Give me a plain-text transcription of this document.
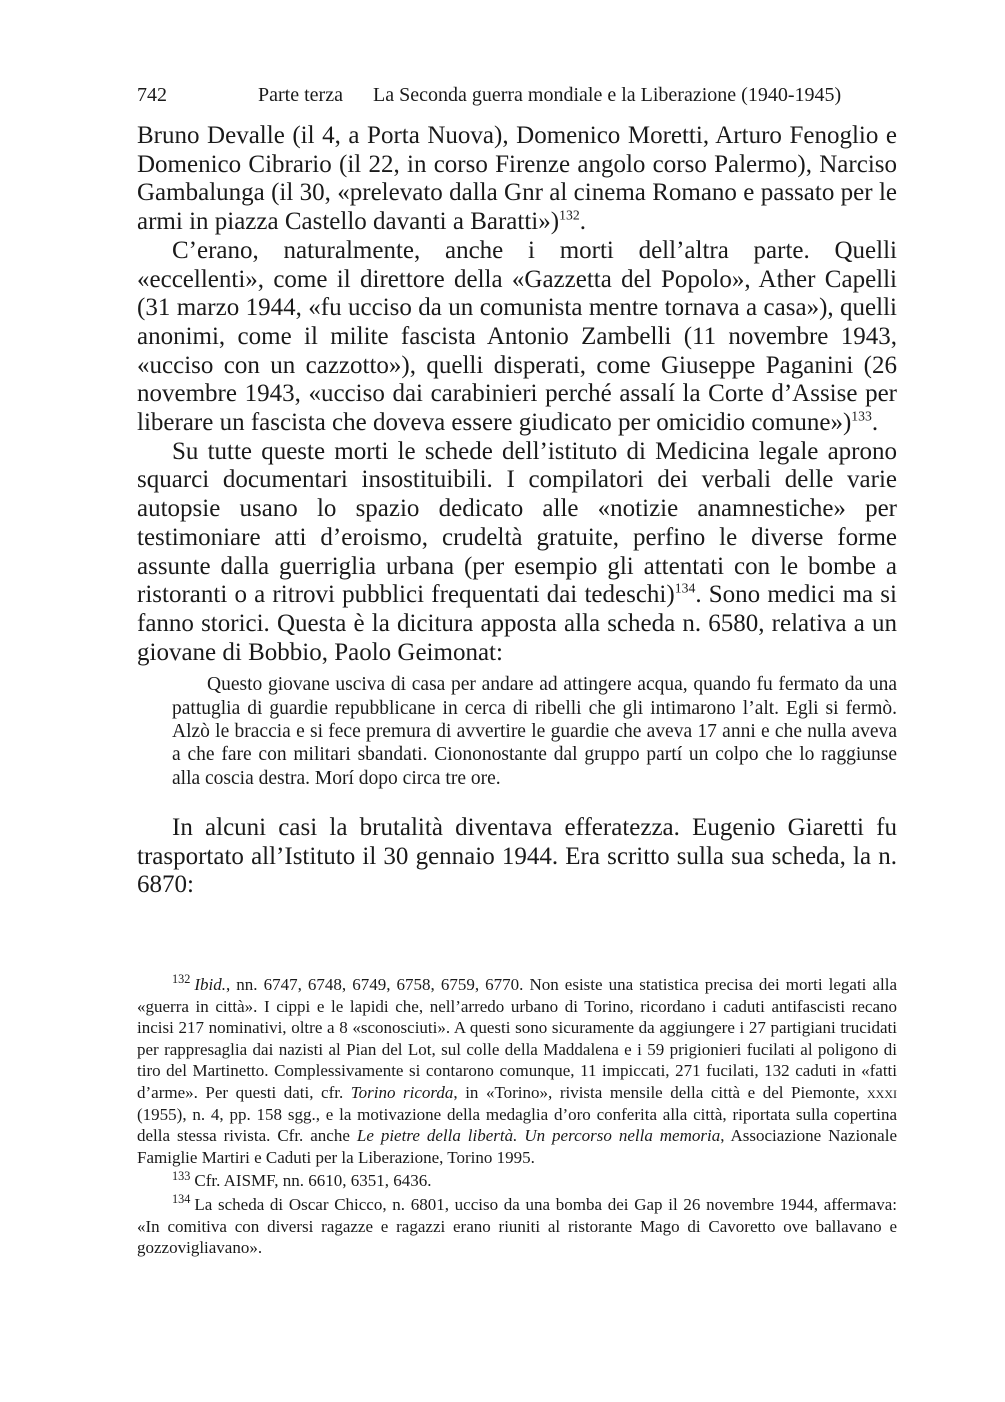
742	Parte terza La Seconda guerra mondiale e la Liberazione (1940-1945)

Bruno Devalle (il 4, a Porta Nuova), Domenico Moretti, Arturo Fenoglio e Domenico Cibrario (il 22, in corso Firenze angolo corso Palermo), Narciso Gambalunga (il 30, «prelevato dalla Gnr al cinema Romano e passato per le armi in piazza Castello davanti a Baratti»)$^{132}$.

C’erano, naturalmente, anche i morti dell’altra parte. Quelli «eccellenti», come il direttore della «Gazzetta del Popolo», Ather Capelli (31 marzo 1944, «fu ucciso da un comunista mentre tornava a casa»), quelli anonimi, come il milite fascista Antonio Zambelli (11 novembre 1943, «ucciso con un cazzotto»), quelli disperati, come Giuseppe Paganini (26 novembre 1943, «ucciso dai carabinieri perché assalí la Corte d’Assise per liberare un fascista che doveva essere giudicato per omicidio comune»)$^{133}$.

Su tutte queste morti le schede dell’istituto di Medicina legale aprono squarci documentari insostituibili. I compilatori dei verbali delle varie autopsie usano lo spazio dedicato alle «notizie anamnestiche» per testimoniare atti d’eroismo, crudeltà gratuite, perfino le diverse forme assunte dalla guerriglia urbana (per esempio gli attentati con le bombe a ristoranti o a ritrovi pubblici frequentati dai tedeschi)$^{134}$. Sono medici ma si fanno storici. Questa è la dicitura apposta alla scheda n. 6580, relativa a un giovane di Bobbio, Paolo Geimonat:

Questo giovane usciva di casa per andare ad attingere acqua, quando fu fermato da una pattuglia di guardie repubblicane in cerca di ribelli che gli intimarono l’alt. Egli si fermò. Alzò le braccia e si fece premura di avvertire le guardie che aveva 17 anni e che nulla aveva a che fare con militari sbandati. Ciononostante dal gruppo partí un colpo che lo raggiunse alla coscia destra. Morí dopo circa tre ore.

In alcuni casi la brutalità diventava efferatezza. Eugenio Giaretti fu trasportato all’Istituto il 30 gennaio 1944. Era scritto sulla sua scheda, la n. 6870:

$^{132}$ Ibid., nn. 6747, 6748, 6749, 6758, 6759, 6770. Non esiste una statistica precisa dei morti legati alla «guerra in città». I cippi e le lapidi che, nell’arredo urbano di Torino, ricordano i caduti antifascisti recano incisi 217 nominativi, oltre a 8 «sconosciuti». A questi sono sicuramente da aggiungere i 27 partigiani trucidati per rappresaglia dai nazisti al Pian del Lot, sul colle della Maddalena e i 59 prigionieri fucilati al poligono di tiro del Martinetto. Complessivamente si contarono comunque, 11 impiccati, 271 fucilati, 132 caduti in «fatti d’arme». Per questi dati, cfr. Torino ricorda, in «Torino», rivista mensile della città e del Piemonte, xxxi (1955), n. 4, pp. 158 sgg., e la motivazione della medaglia d’oro conferita alla città, riportata sulla copertina della stessa rivista. Cfr. anche Le pietre della libertà. Un percorso nella memoria, Associazione Nazionale Famiglie Martiri e Caduti per la Liberazione, Torino 1995.

$^{133}$ Cfr. AISMF, nn. 6610, 6351, 6436.

$^{134}$ La scheda di Oscar Chicco, n. 6801, ucciso da una bomba dei Gap il 26 novembre 1944, affermava: «In comitiva con diversi ragazze e ragazzi erano riuniti al ristorante Mago di Cavoretto ove ballavano e gozzovigliavano».
